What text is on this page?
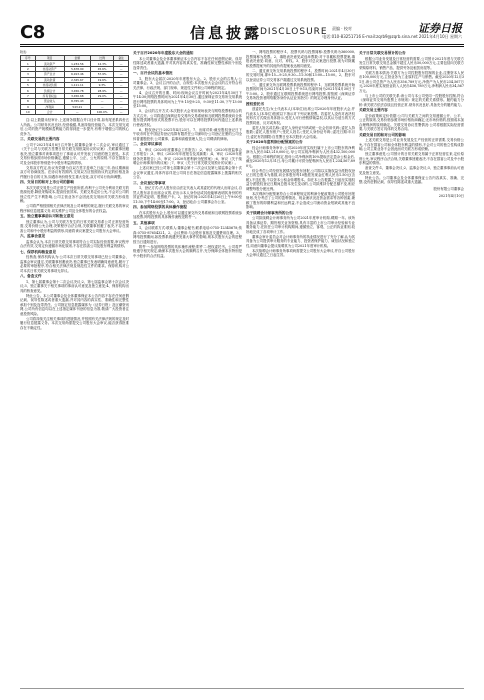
C8	信息披露
DISCLOSURE 责编 · 校对	证券日报
电话:010-83251716 E-mail:zqrb9@zqrb.sina.net 2021年4月10日 星期六
附表:
序号	项目	金额	比例	备注
1	流动资产	1,234.56	12.3%	—
2	非流动资产	5,678.90	45.6%	—
3	资产总计	6,913.46	57.9%	—
4	流动负债	2,345.67	19.6%	—
5	非流动负债	1,111.11	9.3%	—
6	负债合计	3,456.78	28.9%	—
7	所有者权益	3,456.68	29.0%	—
8	营业收入	8,765.43	—	—
9	净利润	543.21	—	—
10	合计	—	100.0%	—

注:以上数据未经审计,上述财务数据合并口径计算,如有尾差系四舍五入所致。公司财务状况良好,经营稳健,具备持续经营能力。本次交易完成后,公司的资产规模和盈利能力将得到进一步提升,有利于增强公司的核心竞争力。

三、关联交易的主要内容

公司于2021年4月8日召开第七届董事会第十二次会议,审议通过了《关于公司与关联方签署日常关联交易框架协议的议案》,关联董事回避表决,独立董事对该事项进行了事前认可并发表了同意的独立意见。本次交易价格参照市场价格确定,遵循公平、公正、公允的原则,不存在损害公司及全体股东特别是中小股东利益的情形。

交易双方约定,协议有效期为自双方签字盖章之日起三年,协议期满前双方可协商续签。在协议有效期内,交易双方应按照协议约定的价格及条件履行各自的义务,如遇市场价格发生重大变化,双方可另行协商调整。

四、交易目的和对上市公司的影响

本次关联交易是公司正常生产经营所需,有利于公司充分利用关联方的资源优势,降低采购成本,提高经营效率。关联交易定价公允,不会对公司的独立性产生不利影响,公司主营业务不会因此类交易而对关联方形成依赖。

公司将严格按照相关法律法规及公司章程的规定,履行关联交易的审议程序和信息披露义务,切实维护公司及全体股东的合法权益。

五、独立董事事前认可和独立意见

独立董事认为,公司与关联方发生的日常关联交易系公司正常经营所需,交易价格公允合理,决策程序合法合规,关联董事回避了表决,不存在损害公司和中小股东利益的情形,同意将该议案提交公司股东大会审议。

六、监事会意见

监事会认为,本次日常关联交易事项符合公司实际经营需要,审议程序合法有效,交易定价遵循市场化原则,不存在损害公司及股东利益的情形。

七、保荐机构核查意见

经核查,保荐机构认为:公司本次日常关联交易事项已经公司董事会、监事会审议通过,关联董事回避表决,独立董事已发表明确同意意见,履行了必要的审批程序,符合相关法律法规及规范性文件的要求。保荐机构对公司本次日常关联交易事项无异议。

八、备查文件

1、第七届董事会第十二次会议决议;2、第七届监事会第十次会议决议;3、独立董事关于相关事项的事前认可意见及独立意见;4、保荐机构出具的核查意见。

特此公告。本公司董事会及全体董事保证本公告内容不存在任何虚假记载、误导性陈述或者重大遗漏,并对其内容的真实性、准确性和完整性承担个别及连带责任。公司指定信息披露媒体为《证券日报》及巨潮资讯网,公司所有信息均以在上述指定媒体刊登的信息为准,敬请广大投资者注意投资风险。

公司将持续关注相关事项的进展情况,并按照有关法律法规的规定及时履行信息披露义务。本次交易尚需提交公司股东大会审议,能否获得批准存在不确定性。

关于召开2020年年度股东大会的通知

本公司董事会及全体董事保证本公告内容不存在任何虚假记载、误导性陈述或者重大遗漏,并对其内容的真实性、准确性和完整性承担个别及连带责任。

一、召开会议的基本情况

1、股东大会届次:2020年年度股东大会。2、股东大会的召集人:公司董事会。3、会议召开的合法、合规性:本次股东大会会议的召开符合有关法律、行政法规、部门规章、规范性文件和公司章程的规定。

4、会议召开的日期、时间:现场会议召开时间为2021年4月30日下午14:30;网络投票时间为2021年4月30日,通过深圳证券交易所交易系统进行网络投票的具体时间为上午9:15至9:25、9:30至11:30,下午13:00至15:00。

5、会议的召开方式:本次股东大会采用现场表决与网络投票相结合的方式召开。公司将通过深圳证券交易所交易系统和互联网投票系统向全体股东提供网络形式的投票平台,股东可以在网络投票时间内通过上述系统行使表决权。

6、股权登记日:2021年4月23日。7、出席对象:截至股权登记日下午收市时在中国证券登记结算有限责任公司深圳分公司登记在册的公司全体普通股股东;公司董事、监事和高级管理人员;公司聘请的律师。

二、会议审议事项

1、审议《2020年度董事会工作报告》;2、审议《2020年度监事会工作报告》;3、审议《2020年年度报告及其摘要》;4、审议《2020年度财务决算报告》;5、审议《2020年度利润分配预案》;6、审议《关于续聘会计师事务所的议案》;7、审议《关于日常关联交易预计的议案》。

上述议案已经公司第七届董事会第十二次会议及第七届监事会第十次会议审议通过,具体内容详见公司同日在指定信息披露媒体上披露的相关公告。

三、会议登记等事项

1、登记方式:法人股东应由法定代表人或其委托的代理人出席会议,自然人股东亲自出席会议的,应出示本人身份证或其他能够表明其身份的有效证件或证明、股票账户卡。2、登记时间:2021年4月26日上午9:00至11:30,下午14:00至17:00。3、登记地点:公司董事会办公室。

四、参加网络投票的具体操作流程

在本次股东大会上,股东可以通过深交所交易系统和互联网投票系统参加投票,网络投票的具体操作流程见附件一。

五、其他事项

1、会议联系方式:联系人:董事会秘书;联系电话:0755-12345678;传真:0755-87654321。2、会议费用:与会股东食宿及交通费用自理。3、网络投票期间,如投票系统遇突发重大事件的影响,则本次股东大会的进程按当日通知进行。

附件一:参加网络投票的具体操作流程;附件二:授权委托书。公司将严格遵守相关规定,确保本次股东大会的顺利召开,充分保障全体股东特别是中小股东的合法权益。

一、网络投票的程序:1、投票代码与投票简称:投票代码为360000,投票简称为投票。2、填报表决意见或选举票数:对于非累积投票提案,填报表决意见:同意、反对、弃权。3、股东对总议案进行投票,视为对除累积投票提案外的其他所有提案表达相同意见。

二、通过深交所交易系统投票的程序:1、投票时间:2021年4月30日的交易时间,即9:15—9:25,9:30—11:30和13:00—15:00。2、股东可以登录证券公司交易客户端通过交易系统投票。

三、通过深交所互联网投票系统投票的程序:1、互联网投票系统开始投票的时间为2021年4月30日上午9:15,结束时间为2021年4月30日下午3:00。2、股东通过互联网投票系统进行网络投票,需按照《深圳证券交易所投资者网络服务身份认证业务指引》的规定办理身份认证。

授权委托书

兹委托先生/女士代表本人(本单位)出席公司2020年年度股东大会,并代表本人(本单位)依照以下指示对下列议案投票。若委托人没有对表决权的形式方式做出具体指示,受托人可行使酌情裁量权,以其认为适当的方式投票同意、反对或弃权。

委托人姓名或名称:;委托人身份证号码或统一社会信用代码:;委托人持股数:;委托人股东账户:;受托人姓名:;受托人身份证号码:;委托日期:年月日;委托有效期限:自签署日至本次股东大会结束。

关于2020年度利润分配预案的公告

经会计师事务所审计,公司2020年度实现归属于上市公司股东的净利润为人民币543,210,000元,母公司实现净利润为人民币432,100,000元。根据公司章程的规定,按母公司净利润的10%提取法定盈余公积金后,截至2020年12月31日,母公司累计可供分配利润为人民币1,234,567,890元。

综合考虑公司经营发展情况及股东回报,公司拟以实施权益分派股权登记日的总股本为基数,向全体股东每10股派发现金红利人民币1.50元(含税),不送红股,不以资本公积金转增股本。如在本公告披露之日起至实施权益分派股权登记日期间总股本发生变动的,公司拟维持分配总额不变,相应调整每股分配比例。

本次利润分配预案符合公司章程规定的利润分配政策及公司股东回报规划,充分考虑了公司的盈利情况、现金流状况及资金需求等各种因素,兼顾了股东的即期利益和长远利益,不会造成公司流动资金短缺或其他不良影响。

关于续聘会计师事务所的公告

公司拟续聘会计师事务所为公司2021年度审计机构,聘期一年。该所具备从事证券、期货相关业务资格,具有丰富的上市公司审计经验和专业服务能力,在担任公司审计机构期间,遵循独立、客观、公正的执业准则,较好地完成了各项审计工作。

董事会审计委员会对会计师事务所的执业情况进行了充分了解,认为其具备为公司提供审计服务的专业能力、投资者保护能力、诚信状况和独立性,同意向董事会提议续聘其为公司2021年度审计机构。

本次续聘会计师事务所事项尚需提交公司股东大会审议,并自公司股东大会审议通过之日起生效。

关于日常关联交易预计的公告

根据公司业务发展及日常经营的需要,公司预计2021年度与关联方发生日常关联交易总金额不超过人民币50,000万元,主要包括向关联方采购原材料、销售产品、提供劳务及租赁房屋等。

关联方基本情况:关联方为公司控股股东控制的企业,注册资本人民币100,000万元,主营业务为工业原料生产与销售。截至2020年12月31日,该公司总资产为人民币356,789万元,净资产为人民币234,567万元,2020年度实现营业收入人民币456,789万元,净利润人民币34,567万元。

与上市公司的关联关系:该公司与本公司受同一控股股东控制,符合《深圳证券交易所股票上市规则》规定的关联关系情形。履约能力分析:该关联方依法存续且经营正常,财务状况良好,具备充分的履约能力。

关联交易主要内容

定价政策和定价依据:公司与关联方之间的交易遵循公开、公平、公正的原则,交易价格参照市场价格协商确定;无市场价格的,按照成本加合理利润的原则确定。关联交易协议签署情况:公司将根据实际经营需要,与关联方签订具体的交易合同。

关联交易目的和对公司的影响

上述关联交易是公司业务发展及生产经营的正常需要,交易价格公允,不存在损害公司和全体股东利益的情形,不会对公司的独立性构成影响,公司主要业务不会因此而对关联方形成依赖。

独立董事意见:公司预计的日常关联交易属于正常经营往来,定价原则公允,审议程序合法合规,关联董事回避表决,不存在损害公司及中小股东利益的情形。

备查文件:1、董事会决议;2、监事会决议;3、独立董事事前认可意见及独立意见。

特此公告。公司董事会及全体董事保证公告内容真实、准确、完整,没有虚假记载、误导性陈述或重大遗漏。

股份有限公司董事会

2021年4月10日
